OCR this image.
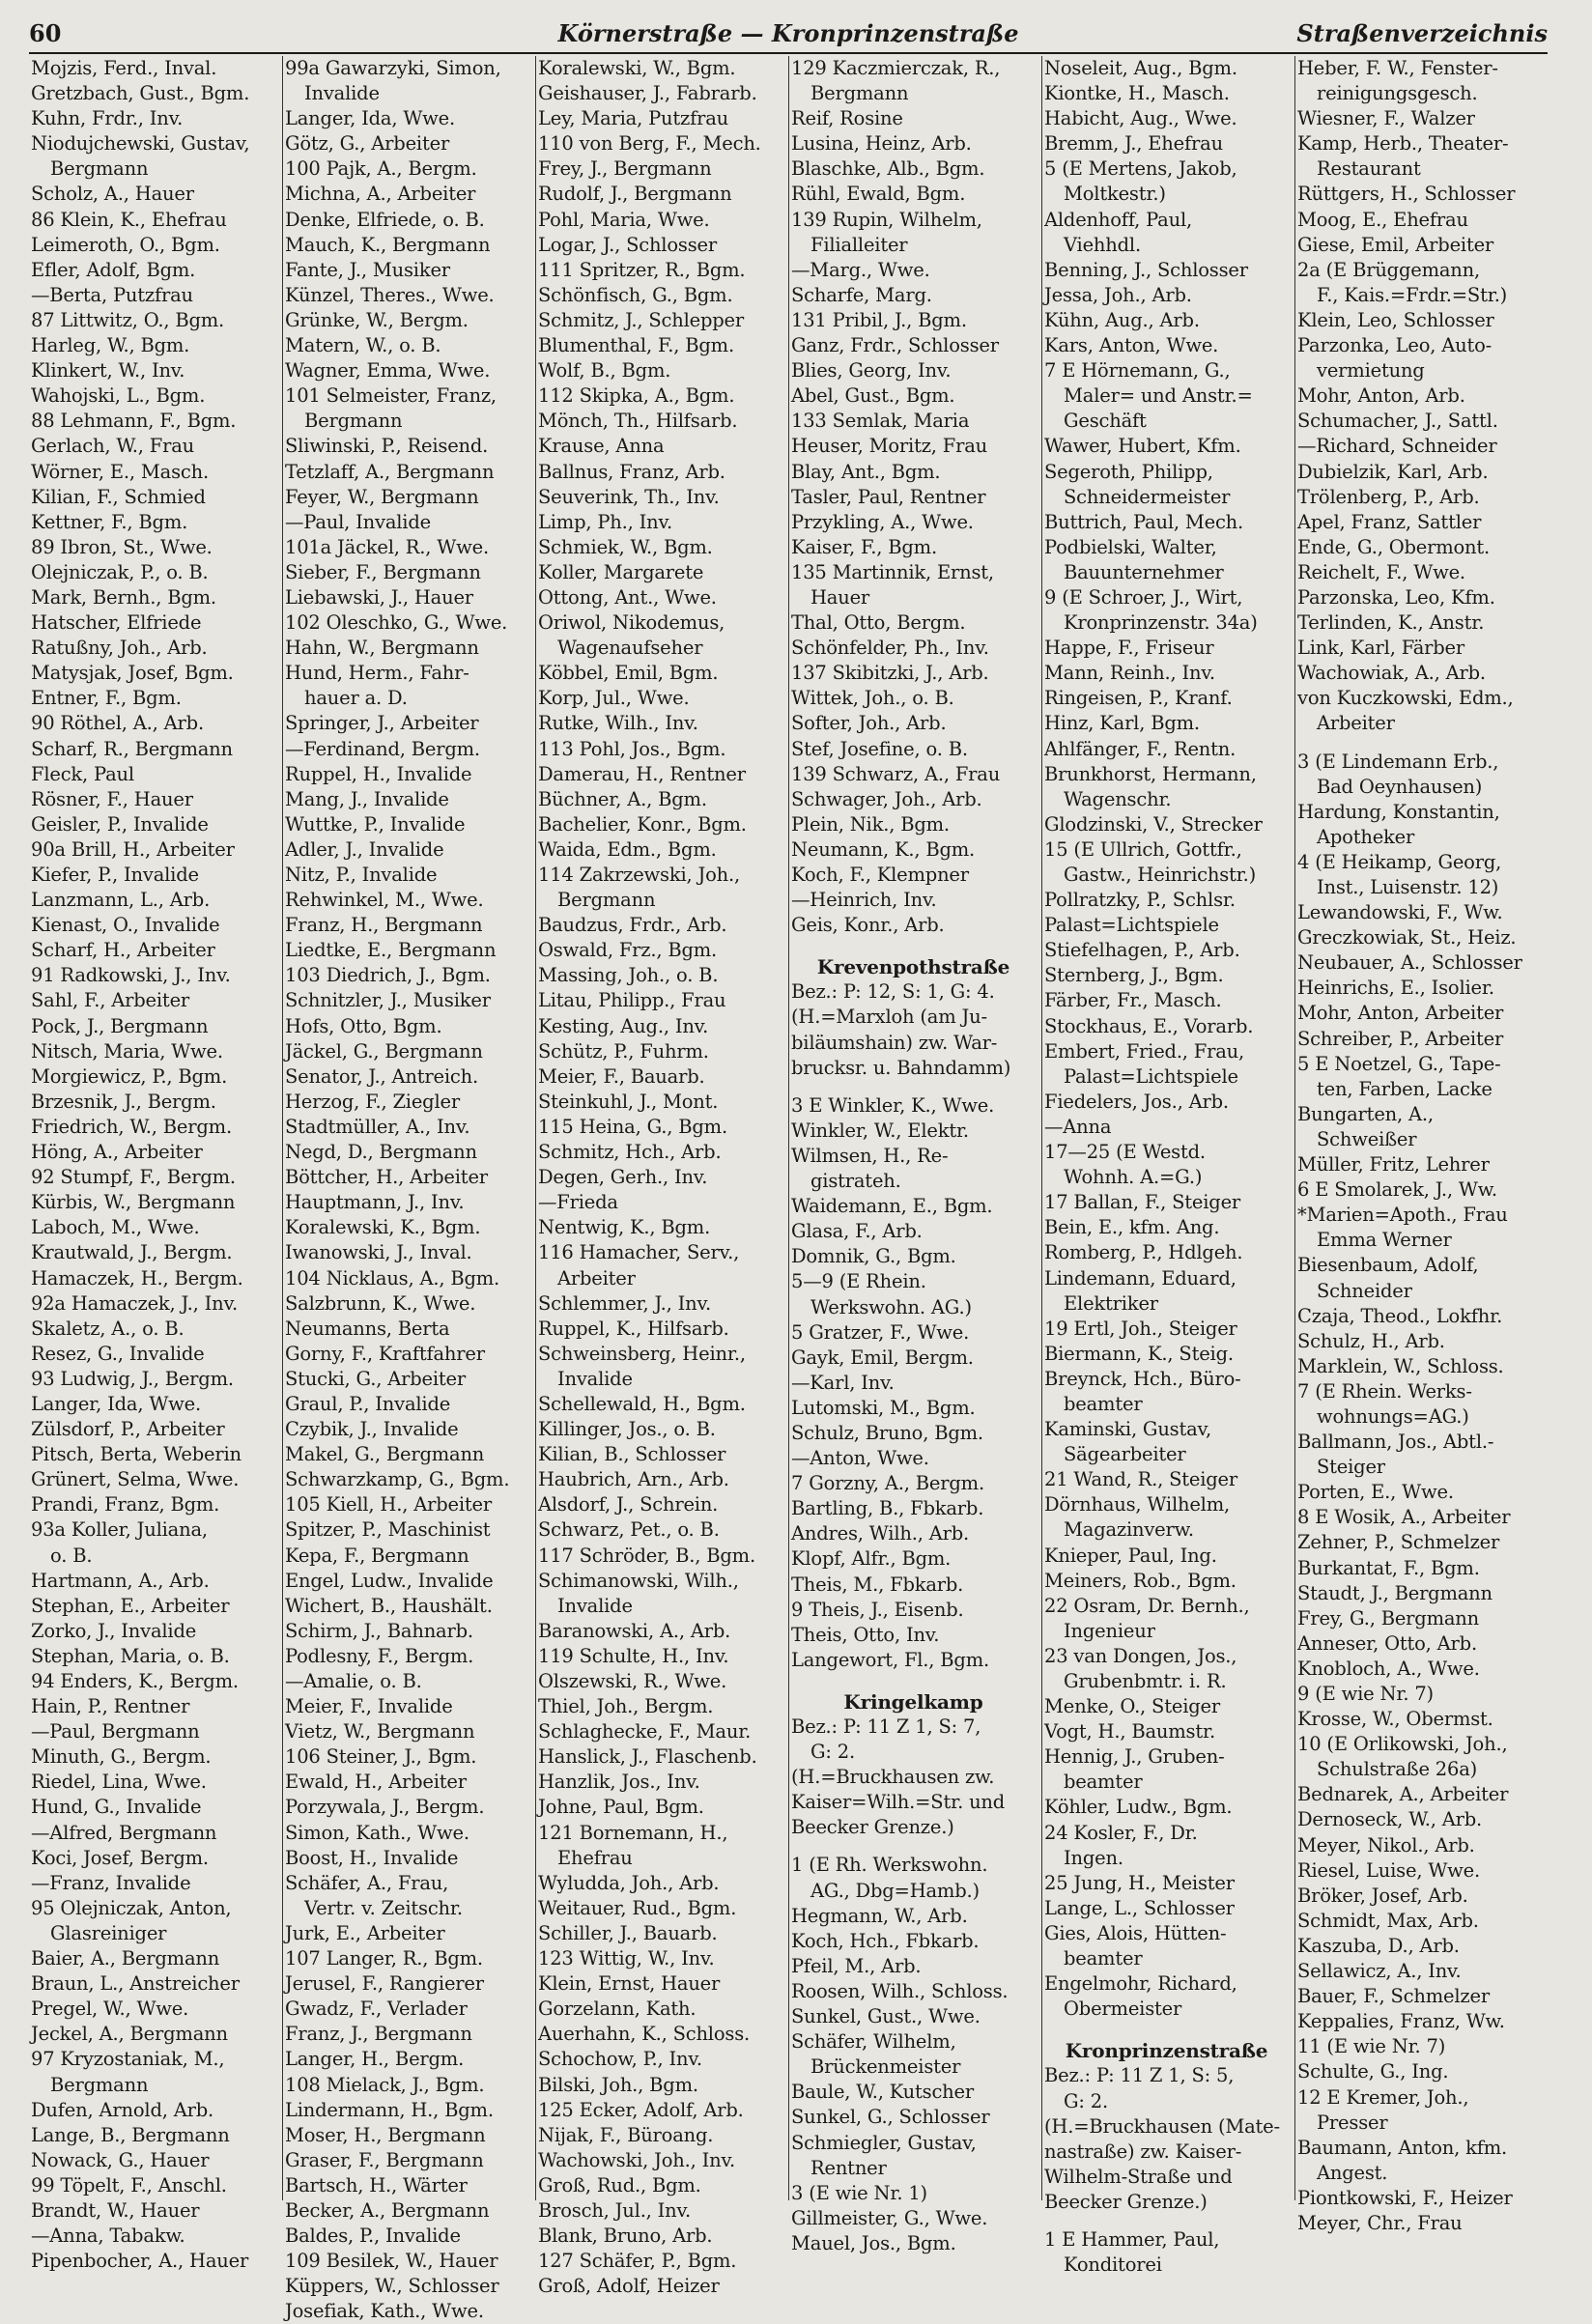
60	Körnerstraße — Kronprinzenstraße	Straßenverzeichnis
Mojzis, Ferd., Inval.
Gretzbach, Gust., Bgm.
Kuhn, Frdr., Inv.
Niodujchewski, Gustav,
Bergmann
Scholz, A., Hauer
86 Klein, K., Ehefrau
Leimeroth, O., Bgm.
Efler, Adolf, Bgm.
—Berta, Putzfrau
87 Littwitz, O., Bgm.
Harleg, W., Bgm.
Klinkert, W., Inv.
Wahojski, L., Bgm.
88 Lehmann, F., Bgm.
Gerlach, W., Frau
Wörner, E., Masch.
Kilian, F., Schmied
Kettner, F., Bgm.
89 Ibron, St., Wwe.
Olejniczak, P., o. B.
Mark, Bernh., Bgm.
Hatscher, Elfriede
Ratußny, Joh., Arb.
Matysjak, Josef, Bgm.
Entner, F., Bgm.
90 Röthel, A., Arb.
Scharf, R., Bergmann
Fleck, Paul
Rösner, F., Hauer
Geisler, P., Invalide
90a Brill, H., Arbeiter
Kiefer, P., Invalide
Lanzmann, L., Arb.
Kienast, O., Invalide
Scharf, H., Arbeiter
91 Radkowski, J., Inv.
Sahl, F., Arbeiter
Pock, J., Bergmann
Nitsch, Maria, Wwe.
Morgiewicz, P., Bgm.
Brzesnik, J., Bergm.
Friedrich, W., Bergm.
Höng, A., Arbeiter
92 Stumpf, F., Bergm.
Kürbis, W., Bergmann
Laboch, M., Wwe.
Krautwald, J., Bergm.
Hamaczek, H., Bergm.
92a Hamaczek, J., Inv.
Skaletz, A., o. B.
Resez, G., Invalide
93 Ludwig, J., Bergm.
Langer, Ida, Wwe.
Zülsdorf, P., Arbeiter
Pitsch, Berta, Weberin
Grünert, Selma, Wwe.
Prandi, Franz, Bgm.
93a Koller, Juliana,
o. B.
Hartmann, A., Arb.
Stephan, E., Arbeiter
Zorko, J., Invalide
Stephan, Maria, o. B.
94 Enders, K., Bergm.
Hain, P., Rentner
—Paul, Bergmann
Minuth, G., Bergm.
Riedel, Lina, Wwe.
Hund, G., Invalide
—Alfred, Bergmann
Koci, Josef, Bergm.
—Franz, Invalide
95 Olejniczak, Anton,
Glasreiniger
Baier, A., Bergmann
Braun, L., Anstreicher
Pregel, W., Wwe.
Jeckel, A., Bergmann
97 Kryzostaniak, M.,
Bergmann
Dufen, Arnold, Arb.
Lange, B., Bergmann
Nowack, G., Hauer
99 Töpelt, F., Anschl.
Brandt, W., Hauer
—Anna, Tabakw.
Pipenbocher, A., Hauer
99a Gawarzyki, Simon,
Invalide
Langer, Ida, Wwe.
Götz, G., Arbeiter
100 Pajk, A., Bergm.
Michna, A., Arbeiter
Denke, Elfriede, o. B.
Mauch, K., Bergmann
Fante, J., Musiker
Künzel, Theres., Wwe.
Grünke, W., Bergm.
Matern, W., o. B.
Wagner, Emma, Wwe.
101 Selmeister, Franz,
Bergmann
Sliwinski, P., Reisend.
Tetzlaff, A., Bergmann
Feyer, W., Bergmann
—Paul, Invalide
101a Jäckel, R., Wwe.
Sieber, F., Bergmann
Liebawski, J., Hauer
102 Oleschko, G., Wwe.
Hahn, W., Bergmann
Hund, Herm., Fahr-
hauer a. D.
Springer, J., Arbeiter
—Ferdinand, Bergm.
Ruppel, H., Invalide
Mang, J., Invalide
Wuttke, P., Invalide
Adler, J., Invalide
Nitz, P., Invalide
Rehwinkel, M., Wwe.
Franz, H., Bergmann
Liedtke, E., Bergmann
103 Diedrich, J., Bgm.
Schnitzler, J., Musiker
Hofs, Otto, Bgm.
Jäckel, G., Bergmann
Senator, J., Antreich.
Herzog, F., Ziegler
Stadtmüller, A., Inv.
Negd, D., Bergmann
Böttcher, H., Arbeiter
Hauptmann, J., Inv.
Koralewski, K., Bgm.
Iwanowski, J., Inval.
104 Nicklaus, A., Bgm.
Salzbrunn, K., Wwe.
Neumanns, Berta
Gorny, F., Kraftfahrer
Stucki, G., Arbeiter
Graul, P., Invalide
Czybik, J., Invalide
Makel, G., Bergmann
Schwarzkamp, G., Bgm.
105 Kiell, H., Arbeiter
Spitzer, P., Maschinist
Kepa, F., Bergmann
Engel, Ludw., Invalide
Wichert, B., Haushält.
Schirm, J., Bahnarb.
Podlesny, F., Bergm.
—Amalie, o. B.
Meier, F., Invalide
Vietz, W., Bergmann
106 Steiner, J., Bgm.
Ewald, H., Arbeiter
Porzywala, J., Bergm.
Simon, Kath., Wwe.
Boost, H., Invalide
Schäfer, A., Frau,
Vertr. v. Zeitschr.
Jurk, E., Arbeiter
107 Langer, R., Bgm.
Jerusel, F., Rangierer
Gwadz, F., Verlader
Franz, J., Bergmann
Langer, H., Bergm.
108 Mielack, J., Bgm.
Lindermann, H., Bgm.
Moser, H., Bergmann
Graser, F., Bergmann
Bartsch, H., Wärter
Becker, A., Bergmann
Baldes, P., Invalide
109 Besilek, W., Hauer
Küppers, W., Schlosser
Josefiak, Kath., Wwe.
Koralewski, W., Bgm.
Geishauser, J., Fabrarb.
Ley, Maria, Putzfrau
110 von Berg, F., Mech.
Frey, J., Bergmann
Rudolf, J., Bergmann
Pohl, Maria, Wwe.
Logar, J., Schlosser
111 Spritzer, R., Bgm.
Schönfisch, G., Bgm.
Schmitz, J., Schlepper
Blumenthal, F., Bgm.
Wolf, B., Bgm.
112 Skipka, A., Bgm.
Mönch, Th., Hilfsarb.
Krause, Anna
Ballnus, Franz, Arb.
Seuverink, Th., Inv.
Limp, Ph., Inv.
Schmiek, W., Bgm.
Koller, Margarete
Ottong, Ant., Wwe.
Oriwol, Nikodemus,
Wagenaufseher
Köbbel, Emil, Bgm.
Korp, Jul., Wwe.
Rutke, Wilh., Inv.
113 Pohl, Jos., Bgm.
Damerau, H., Rentner
Büchner, A., Bgm.
Bachelier, Konr., Bgm.
Waida, Edm., Bgm.
114 Zakrzewski, Joh.,
Bergmann
Baudzus, Frdr., Arb.
Oswald, Frz., Bgm.
Massing, Joh., o. B.
Litau, Philipp., Frau
Kesting, Aug., Inv.
Schütz, P., Fuhrm.
Meier, F., Bauarb.
Steinkuhl, J., Mont.
115 Heina, G., Bgm.
Schmitz, Hch., Arb.
Degen, Gerh., Inv.
—Frieda
Nentwig, K., Bgm.
116 Hamacher, Serv.,
Arbeiter
Schlemmer, J., Inv.
Ruppel, K., Hilfsarb.
Schweinsberg, Heinr.,
Invalide
Schellewald, H., Bgm.
Killinger, Jos., o. B.
Kilian, B., Schlosser
Haubrich, Arn., Arb.
Alsdorf, J., Schrein.
Schwarz, Pet., o. B.
117 Schröder, B., Bgm.
Schimanowski, Wilh.,
Invalide
Baranowski, A., Arb.
119 Schulte, H., Inv.
Olszewski, R., Wwe.
Thiel, Joh., Bergm.
Schlaghecke, F., Maur.
Hanslick, J., Flaschenb.
Hanzlik, Jos., Inv.
Johne, Paul, Bgm.
121 Bornemann, H.,
Ehefrau
Wyludda, Joh., Arb.
Weitauer, Rud., Bgm.
Schiller, J., Bauarb.
123 Wittig, W., Inv.
Klein, Ernst, Hauer
Gorzelann, Kath.
Auerhahn, K., Schloss.
Schochow, P., Inv.
Bilski, Joh., Bgm.
125 Ecker, Adolf, Arb.
Nijak, F., Büroang.
Wachowski, Joh., Inv.
Groß, Rud., Bgm.
Brosch, Jul., Inv.
Blank, Bruno, Arb.
127 Schäfer, P., Bgm.
Groß, Adolf, Heizer
129 Kaczmierczak, R.,
Bergmann
Reif, Rosine
Lusina, Heinz, Arb.
Blaschke, Alb., Bgm.
Rühl, Ewald, Bgm.
139 Rupin, Wilhelm,
Filialleiter
—Marg., Wwe.
Scharfe, Marg.
131 Pribil, J., Bgm.
Ganz, Frdr., Schlosser
Blies, Georg, Inv.
Abel, Gust., Bgm.
133 Semlak, Maria
Heuser, Moritz, Frau
Blay, Ant., Bgm.
Tasler, Paul, Rentner
Przykling, A., Wwe.
Kaiser, F., Bgm.
135 Martinnik, Ernst,
Hauer
Thal, Otto, Bergm.
Schönfelder, Ph., Inv.
137 Skibitzki, J., Arb.
Wittek, Joh., o. B.
Softer, Joh., Arb.
Stef, Josefine, o. B.
139 Schwarz, A., Frau
Schwager, Joh., Arb.
Plein, Nik., Bgm.
Neumann, K., Bgm.
Koch, F., Klempner
—Heinrich, Inv.
Geis, Konr., Arb.
Krevenpothstraße
Bez.: P: 12, S: 1, G: 4.
(H.=Marxloh (am Ju-
biläumshain) zw. War-
brucksr. u. Bahndamm)
3 E Winkler, K., Wwe.
Winkler, W., Elektr.
Wilmsen, H., Re-
gistrateh.
Waidemann, E., Bgm.
Glasa, F., Arb.
Domnik, G., Bgm.
5—9 (E Rhein.
Werkswohn. AG.)
5 Gratzer, F., Wwe.
Gayk, Emil, Bergm.
—Karl, Inv.
Lutomski, M., Bgm.
Schulz, Bruno, Bgm.
—Anton, Wwe.
7 Gorzny, A., Bergm.
Bartling, B., Fbkarb.
Andres, Wilh., Arb.
Klopf, Alfr., Bgm.
Theis, M., Fbkarb.
9 Theis, J., Eisenb.
Theis, Otto, Inv.
Langewort, Fl., Bgm.
Kringelkamp
Bez.: P: 11 Z 1, S: 7,
G: 2.
(H.=Bruckhausen zw.
Kaiser=Wilh.=Str. und
Beecker Grenze.)
1 (E Rh. Werkswohn.
AG., Dbg=Hamb.)
Hegmann, W., Arb.
Koch, Hch., Fbkarb.
Pfeil, M., Arb.
Roosen, Wilh., Schloss.
Sunkel, Gust., Wwe.
Schäfer, Wilhelm,
Brückenmeister
Baule, W., Kutscher
Sunkel, G., Schlosser
Schmiegler, Gustav,
Rentner
3 (E wie Nr. 1)
Gillmeister, G., Wwe.
Mauel, Jos., Bgm.
Noseleit, Aug., Bgm.
Kiontke, H., Masch.
Habicht, Aug., Wwe.
Bremm, J., Ehefrau
5 (E Mertens, Jakob,
Moltkestr.)
Aldenhoff, Paul,
Viehhdl.
Benning, J., Schlosser
Jessa, Joh., Arb.
Kühn, Aug., Arb.
Kars, Anton, Wwe.
7 E Hörnemann, G.,
Maler= und Anstr.=
Geschäft
Wawer, Hubert, Kfm.
Segeroth, Philipp,
Schneidermeister
Buttrich, Paul, Mech.
Podbielski, Walter,
Bauunternehmer
9 (E Schroer, J., Wirt,
Kronprinzenstr. 34a)
Happe, F., Friseur
Mann, Reinh., Inv.
Ringeisen, P., Kranf.
Hinz, Karl, Bgm.
Ahlfänger, F., Rentn.
Brunkhorst, Hermann,
Wagenschr.
Glodzinski, V., Strecker
15 (E Ullrich, Gottfr.,
Gastw., Heinrichstr.)
Pollratzky, P., Schlsr.
Palast=Lichtspiele
Stiefelhagen, P., Arb.
Sternberg, J., Bgm.
Färber, Fr., Masch.
Stockhaus, E., Vorarb.
Embert, Fried., Frau,
Palast=Lichtspiele
Fiedelers, Jos., Arb.
—Anna
17—25 (E Westd.
Wohnh. A.=G.)
17 Ballan, F., Steiger
Bein, E., kfm. Ang.
Romberg, P., Hdlgeh.
Lindemann, Eduard,
Elektriker
19 Ertl, Joh., Steiger
Biermann, K., Steig.
Breynck, Hch., Büro-
beamter
Kaminski, Gustav,
Sägearbeiter
21 Wand, R., Steiger
Dörnhaus, Wilhelm,
Magazinverw.
Knieper, Paul, Ing.
Meiners, Rob., Bgm.
22 Osram, Dr. Bernh.,
Ingenieur
23 van Dongen, Jos.,
Grubenbmtr. i. R.
Menke, O., Steiger
Vogt, H., Baumstr.
Hennig, J., Gruben-
beamter
Köhler, Ludw., Bgm.
24 Kosler, F., Dr.
Ingen.
25 Jung, H., Meister
Lange, L., Schlosser
Gies, Alois, Hütten-
beamter
Engelmohr, Richard,
Obermeister
Kronprinzenstraße
Bez.: P: 11 Z 1, S: 5,
G: 2.
(H.=Bruckhausen (Mate-
nastraße) zw. Kaiser-
Wilhelm-Straße und
Beecker Grenze.)
1 E Hammer, Paul,
Konditorei
Heber, F. W., Fenster-
reinigungsgesch.
Wiesner, F., Walzer
Kamp, Herb., Theater-
Restaurant
Rüttgers, H., Schlosser
Moog, E., Ehefrau
Giese, Emil, Arbeiter
2a (E Brüggemann,
F., Kais.=Frdr.=Str.)
Klein, Leo, Schlosser
Parzonka, Leo, Auto-
vermietung
Mohr, Anton, Arb.
Schumacher, J., Sattl.
—Richard, Schneider
Dubielzik, Karl, Arb.
Trölenberg, P., Arb.
Apel, Franz, Sattler
Ende, G., Obermont.
Reichelt, F., Wwe.
Parzonska, Leo, Kfm.
Terlinden, K., Anstr.
Link, Karl, Färber
Wachowiak, A., Arb.
von Kuczkowski, Edm.,
Arbeiter
3 (E Lindemann Erb.,
Bad Oeynhausen)
Hardung, Konstantin,
Apotheker
4 (E Heikamp, Georg,
Inst., Luisenstr. 12)
Lewandowski, F., Ww.
Greczkowiak, St., Heiz.
Neubauer, A., Schlosser
Heinrichs, E., Isolier.
Mohr, Anton, Arbeiter
Schreiber, P., Arbeiter
5 E Noetzel, G., Tape-
ten, Farben, Lacke
Bungarten, A.,
Schweißer
Müller, Fritz, Lehrer
6 E Smolarek, J., Ww.
*Marien=Apoth., Frau
Emma Werner
Biesenbaum, Adolf,
Schneider
Czaja, Theod., Lokfhr.
Schulz, H., Arb.
Marklein, W., Schloss.
7 (E Rhein. Werks-
wohnungs=AG.)
Ballmann, Jos., Abtl.-
Steiger
Porten, E., Wwe.
8 E Wosik, A., Arbeiter
Zehner, P., Schmelzer
Burkantat, F., Bgm.
Staudt, J., Bergmann
Frey, G., Bergmann
Anneser, Otto, Arb.
Knobloch, A., Wwe.
9 (E wie Nr. 7)
Krosse, W., Obermst.
10 (E Orlikowski, Joh.,
Schulstraße 26a)
Bednarek, A., Arbeiter
Dernoseck, W., Arb.
Meyer, Nikol., Arb.
Riesel, Luise, Wwe.
Bröker, Josef, Arb.
Schmidt, Max, Arb.
Kaszuba, D., Arb.
Sellawicz, A., Inv.
Bauer, F., Schmelzer
Keppalies, Franz, Ww.
11 (E wie Nr. 7)
Schulte, G., Ing.
12 E Kremer, Joh.,
Presser
Baumann, Anton, kfm.
Angest.
Piontkowski, F., Heizer
Meyer, Chr., Frau
